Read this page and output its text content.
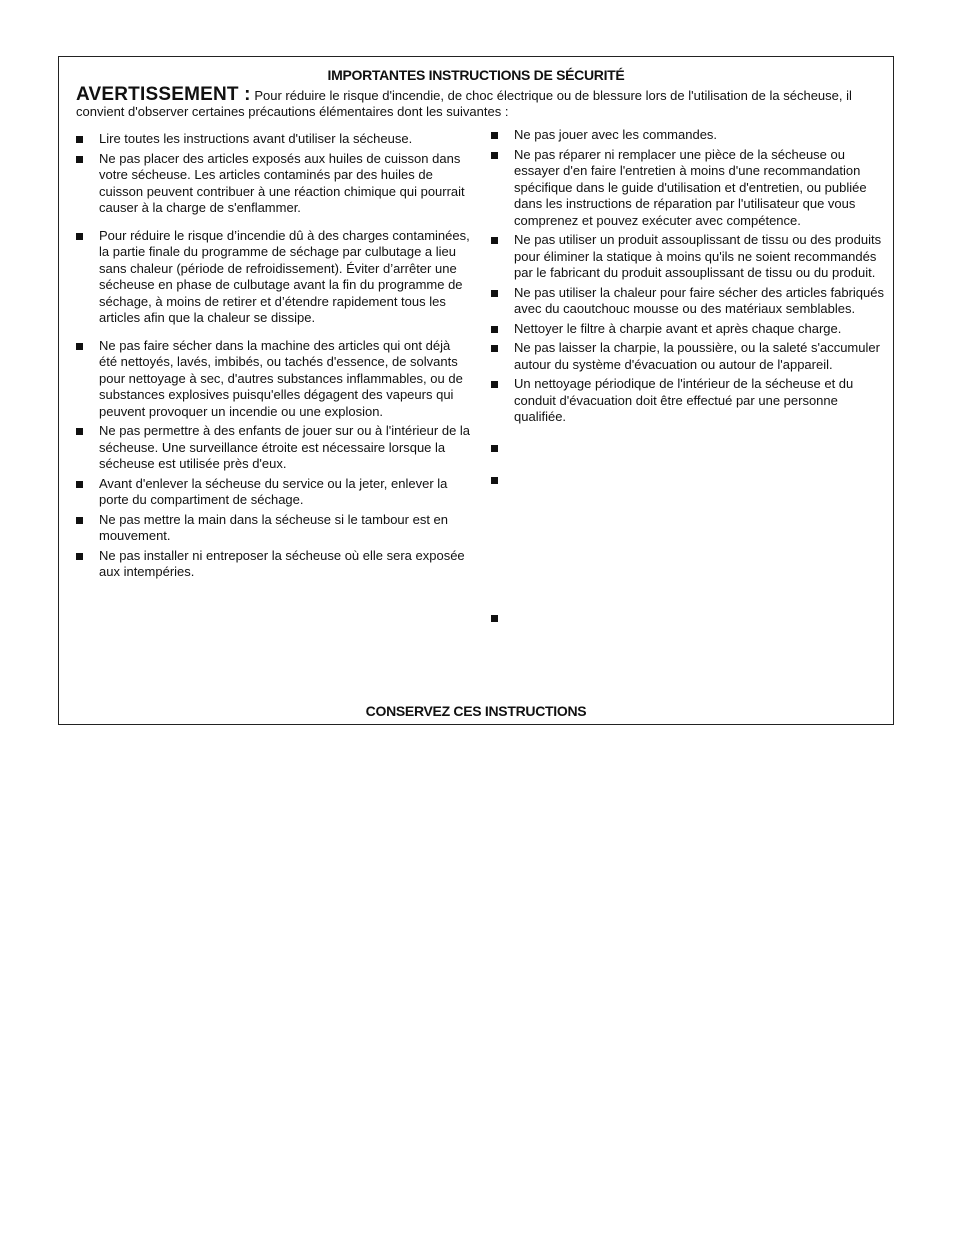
IMPORTANTES INSTRUCTIONS DE SÉCURITÉ
AVERTISSEMENT : Pour réduire le risque d'incendie, de choc électrique ou de blessure lors de l'utilisation de la sécheuse, il convient d'observer certaines précautions élémentaires dont les suivantes :
Lire toutes les instructions avant d'utiliser la sécheuse.
Ne pas placer des articles exposés aux huiles de cuisson dans votre sécheuse. Les articles contaminés par des huiles de cuisson peuvent contribuer à une réaction chimique qui pourrait causer à la charge de s'enflammer.
Pour réduire le risque d’incendie dû à des charges contaminées, la partie finale du programme de séchage par culbutage a lieu sans chaleur (période de refroidissement). Éviter d’arrêter une sécheuse en phase de culbutage avant la fin du programme de séchage, à moins de retirer et d’étendre rapidement tous les articles afin que la chaleur se dissipe.
Ne pas faire sécher dans la machine des articles qui ont déjà été nettoyés, lavés, imbibés, ou tachés d'essence, de solvants pour nettoyage à sec, d'autres substances inflammables, ou de substances explosives puisqu'elles dégagent des vapeurs qui peuvent provoquer un incendie ou une explosion.
Ne pas permettre à des enfants de jouer sur ou à l'intérieur de la sécheuse. Une surveillance étroite est nécessaire lorsque la sécheuse est utilisée près d'eux.
Avant d'enlever la sécheuse du service ou la jeter, enlever la porte du compartiment de séchage.
Ne pas mettre la main dans la sécheuse si le tambour est en mouvement.
Ne pas installer ni entreposer la sécheuse où elle sera exposée aux intempéries.
Ne pas jouer avec les commandes.
Ne pas réparer ni remplacer une pièce de la sécheuse ou essayer d'en faire l'entretien à moins d'une recommandation spécifique dans le guide d'utilisation et d'entretien, ou publiée dans les instructions de réparation par l'utilisateur que vous comprenez et pouvez exécuter avec compétence.
Ne pas utiliser un produit assouplissant de tissu ou des produits pour éliminer la statique à moins qu'ils ne soient recommandés par le fabricant du produit assouplissant de tissu ou du produit.
Ne pas utiliser la chaleur pour faire sécher des articles fabriqués avec du caoutchouc mousse ou des matériaux semblables.
Nettoyer le filtre à charpie avant et après chaque charge.
Ne pas laisser la charpie, la poussière, ou la saleté s'accumuler autour du système d'évacuation ou autour de l'appareil.
Un nettoyage périodique de l'intérieur de la sécheuse et du conduit d'évacuation doit être effectué par une personne qualifiée.
CONSERVEZ CES INSTRUCTIONS
